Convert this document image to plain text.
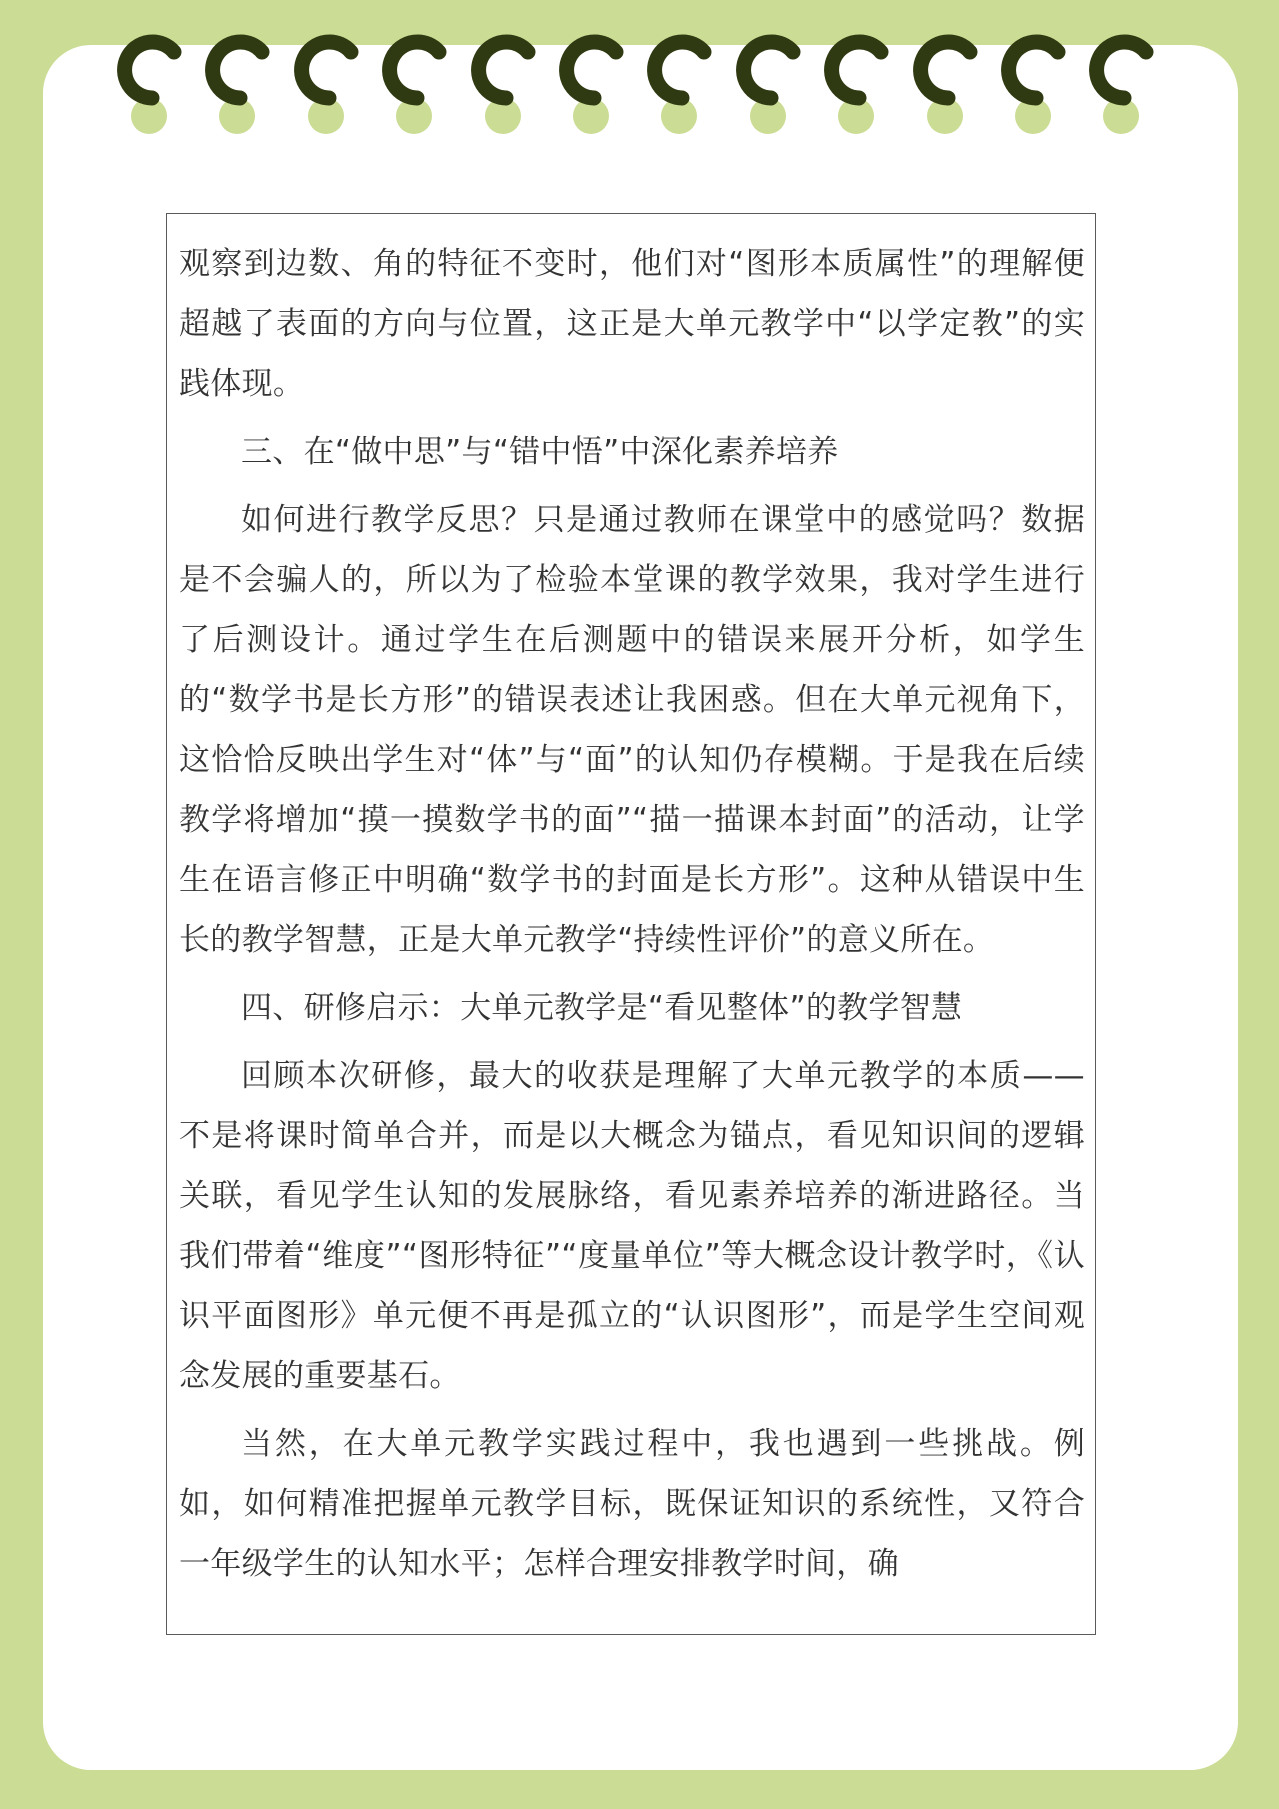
观察到边数、角的特征不变时，他们对“图形本质属性”的理解便超越了表面的方向与位置，这正是大单元教学中“以学定教”的实践体现。

三、在“做中思”与“错中悟”中深化素养培养

如何进行教学反思？只是通过教师在课堂中的感觉吗？数据是不会骗人的，所以为了检验本堂课的教学效果，我对学生进行了后测设计。通过学生在后测题中的错误来展开分析，如学生的“数学书是长方形”的错误表述让我困惑。但在大单元视角下，这恰恰反映出学生对“体”与“面”的认知仍存模糊。于是我在后续教学将增加“摸一摸数学书的面”“描一描课本封面”的活动，让学生在语言修正中明确“数学书的封面是长方形”。这种从错误中生长的教学智慧，正是大单元教学“持续性评价”的意义所在。

四、研修启示：大单元教学是“看见整体”的教学智慧

回顾本次研修，最大的收获是理解了大单元教学的本质——不是将课时简单合并，而是以大概念为锚点，看见知识间的逻辑关联，看见学生认知的发展脉络，看见素养培养的渐进路径。当我们带着“维度”“图形特征”“度量单位”等大概念设计教学时，《认识平面图形》单元便不再是孤立的“认识图形”，而是学生空间观念发展的重要基石。

当然，在大单元教学实践过程中，我也遇到一些挑战。例如，如何精准把握单元教学目标，既保证知识的系统性，又符合一年级学生的认知水平；怎样合理安排教学时间，确
